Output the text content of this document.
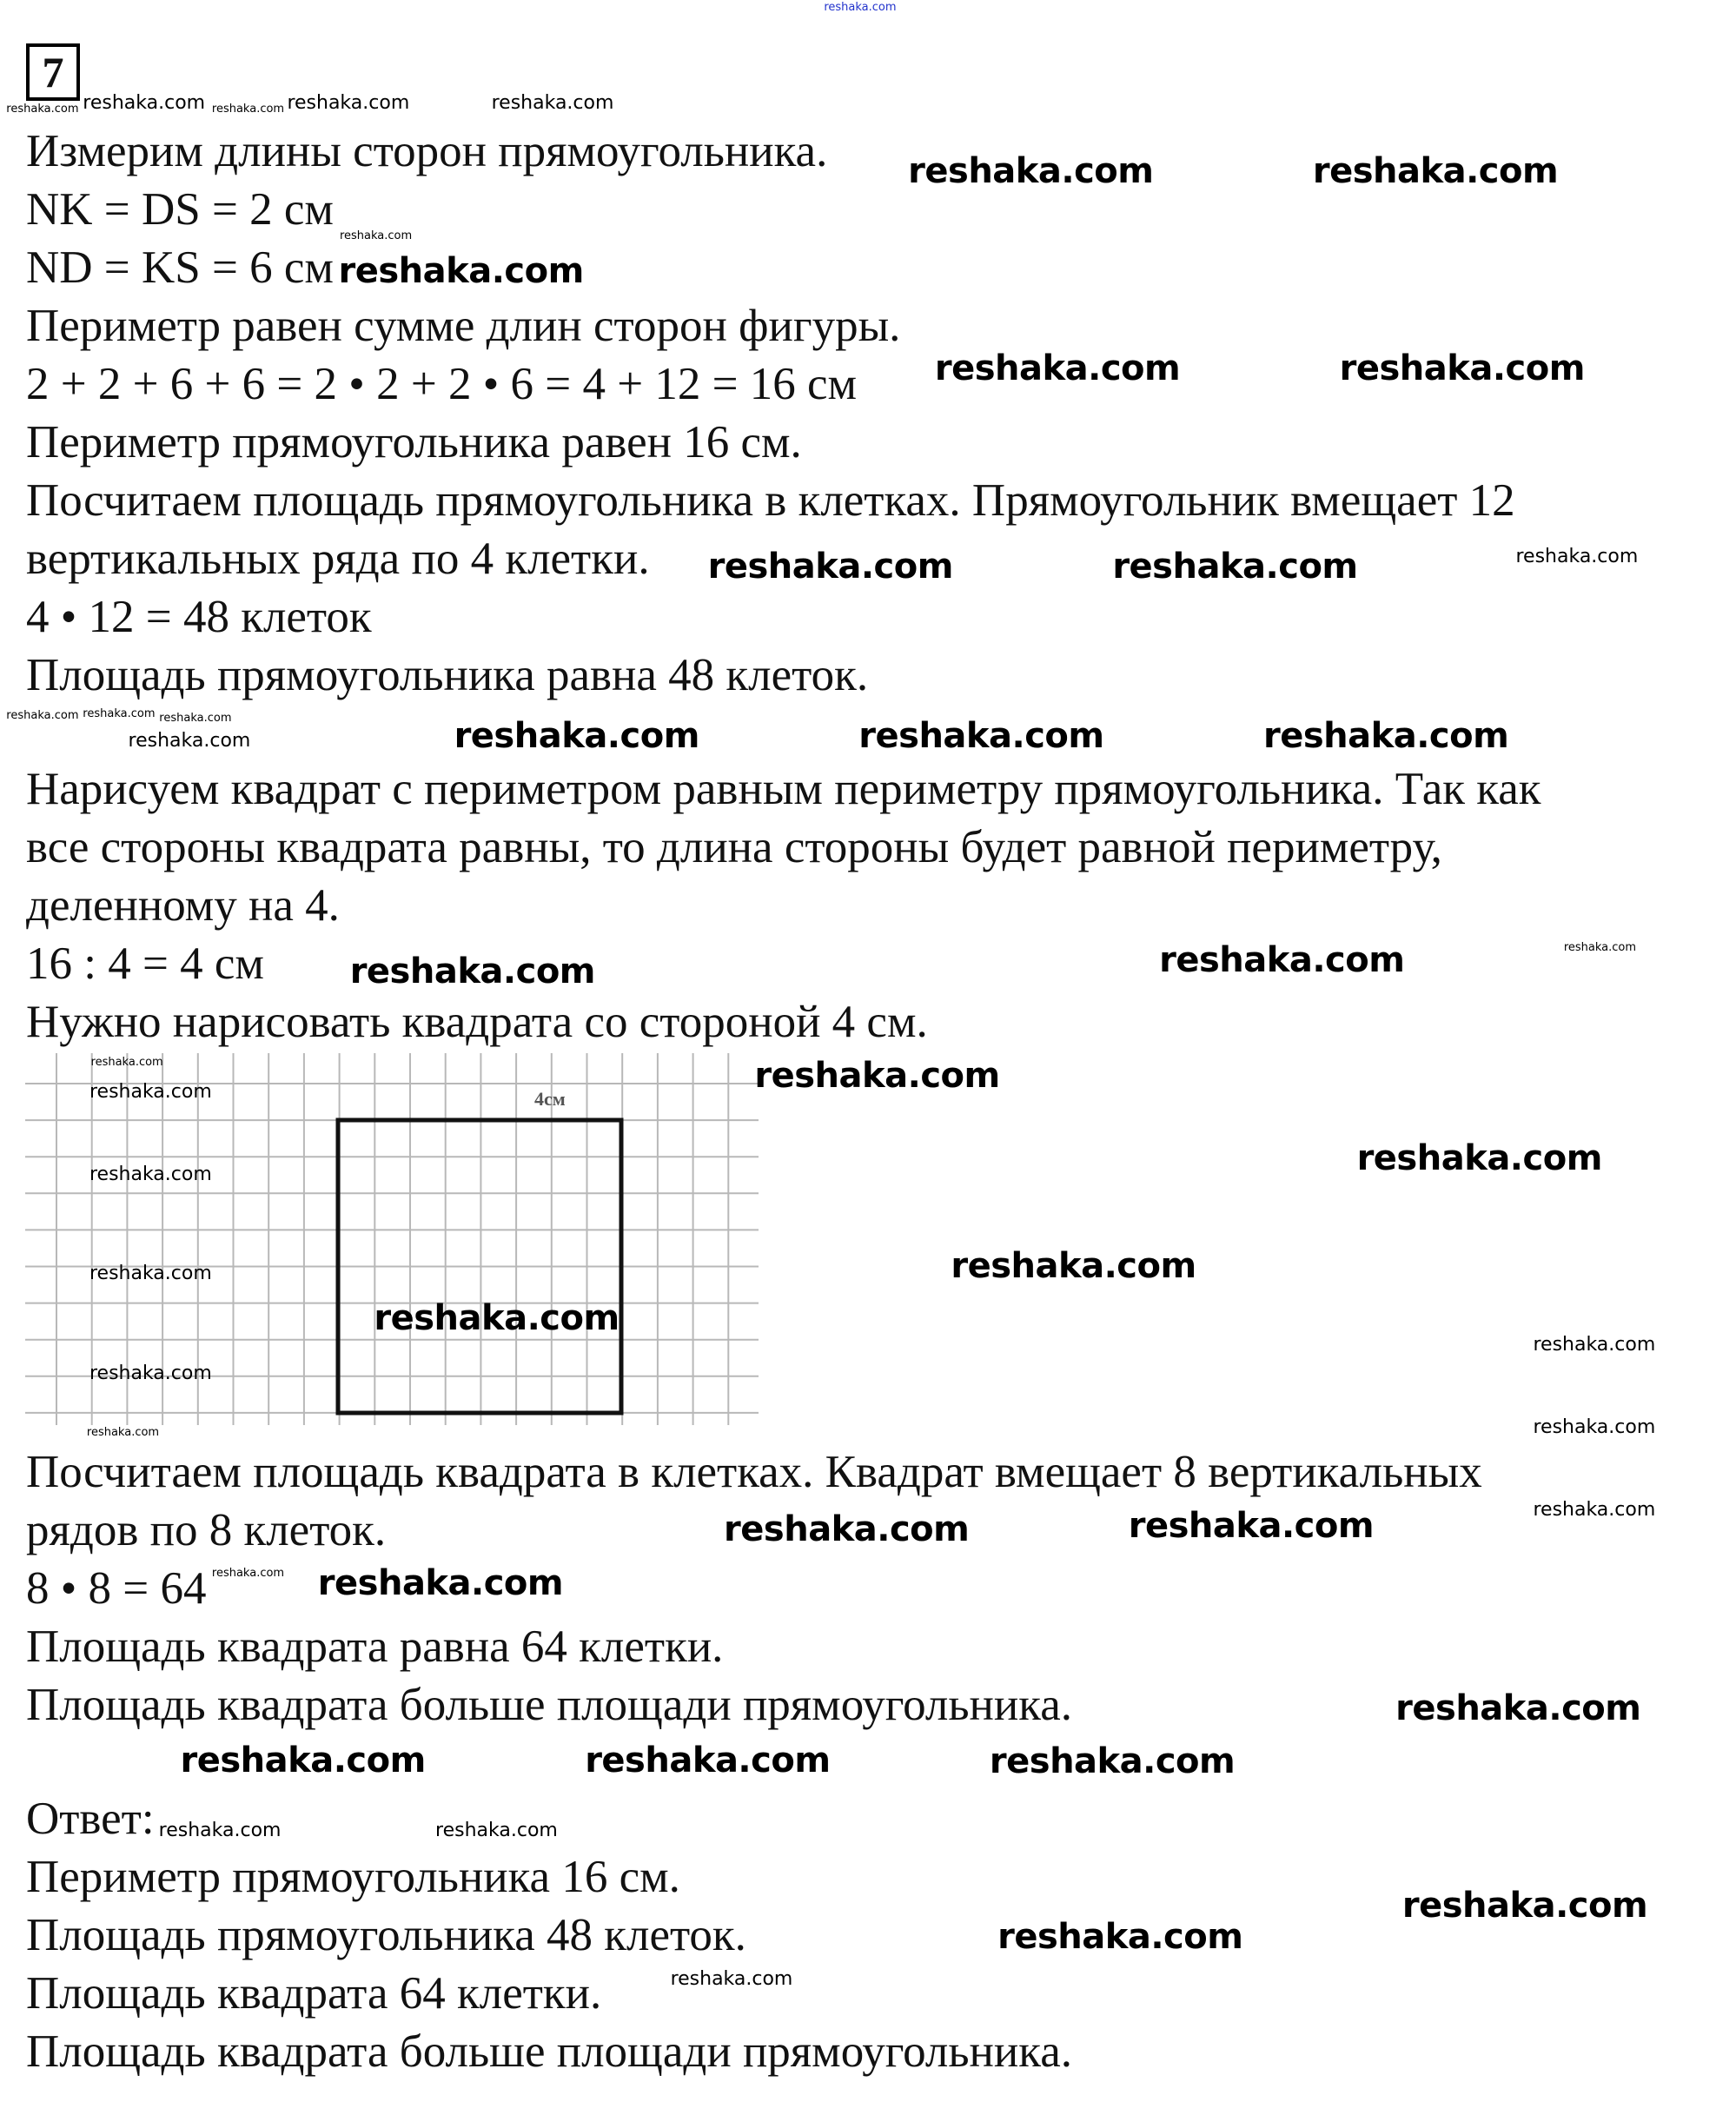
7
4см
Измерим длины сторон прямоугольника.
NK = DS = 2 см
ND = KS = 6 см
Периметр равен сумме длин сторон фигуры.
2 + 2 + 6 + 6 = 2 • 2 + 2 • 6 = 4 + 12 = 16 см
Периметр прямоугольника равен 16 см.
Посчитаем площадь прямоугольника в клетках. Прямоугольник вмещает 12
вертикальных ряда по 4 клетки.
4 • 12 = 48 клеток
Площадь прямоугольника равна 48 клеток.
Нарисуем квадрат с периметром равным периметру прямоугольника. Так как
все стороны квадрата равны, то длина стороны будет равной периметру,
деленному на 4.
16 : 4 = 4 см
Нужно нарисовать квадрата со стороной 4 см.
Посчитаем площадь квадрата в клетках. Квадрат вмещает 8 вертикальных
рядов по 8 клеток.
8 • 8 = 64
Площадь квадрата равна 64 клетки.
Площадь квадрата больше площади прямоугольника.
Ответ:
Периметр прямоугольника 16 см.
Площадь прямоугольника 48 клеток.
Площадь квадрата 64 клетки.
Площадь квадрата больше площади прямоугольника.
reshaka.com	reshaka.com
reshaka.com
reshaka.com	reshaka.com
reshaka.com	reshaka.com
reshaka.com	reshaka.com	reshaka.com
reshaka.com
reshaka.com
reshaka.com
reshaka.com
reshaka.com
reshaka.com
reshaka.com	reshaka.com
reshaka.com
reshaka.com
reshaka.com
reshaka.com	reshaka.com
reshaka.com
reshaka.com
reshaka.com	reshaka.com	reshaka.com
reshaka.com
reshaka.com
reshaka.com
reshaka.com
reshaka.com
reshaka.com
reshaka.com
reshaka.com
reshaka.com
reshaka.com
reshaka.com
reshaka.com
reshaka.com	reshaka.com
reshaka.com
reshaka.com
reshaka.com	reshaka.com
reshaka.com
reshaka.com
reshaka.com
reshaka.com
reshaka.com
